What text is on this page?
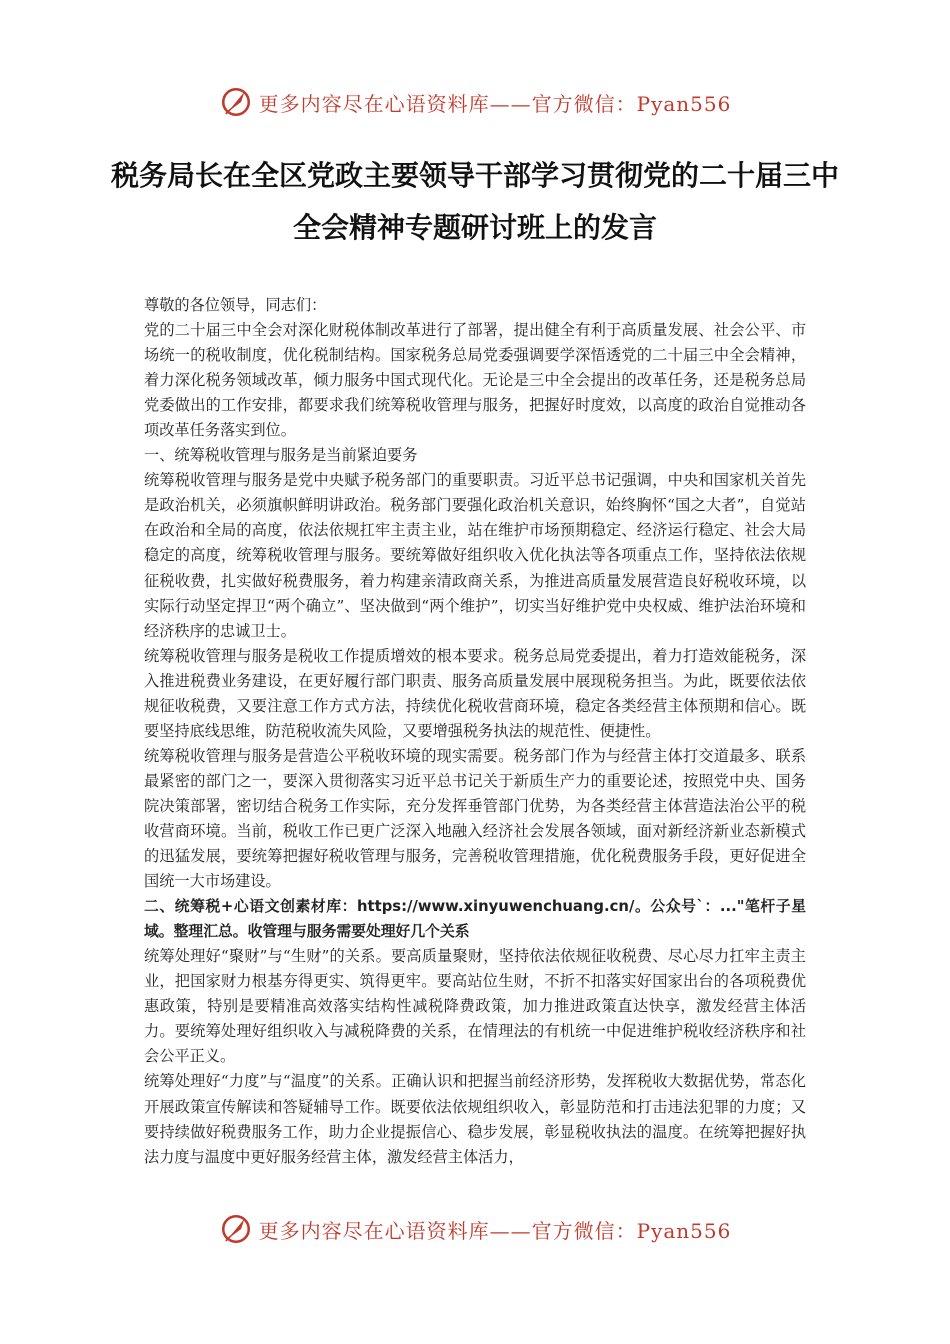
更多内容尽在心语资料库——官方微信：Pyan556
税务局长在全区党政主要领导干部学习贯彻党的二十届三中全会精神专题研讨班上的发言

尊敬的各位领导，同志们：

党的二十届三中全会对深化财税体制改革进行了部署，提出健全有利于高质量发展、社会公平、市场统一的税收制度，优化税制结构。国家税务总局党委强调要学深悟透党的二十届三中全会精神，着力深化税务领域改革，倾力服务中国式现代化。无论是三中全会提出的改革任务，还是税务总局党委做出的工作安排，都要求我们统筹税收管理与服务，把握好时度效，以高度的政治自觉推动各项改革任务落实到位。

一、统筹税收管理与服务是当前紧迫要务

统筹税收管理与服务是党中央赋予税务部门的重要职责。习近平总书记强调，中央和国家机关首先是政治机关，必须旗帜鲜明讲政治。税务部门要强化政治机关意识，始终胸怀“国之大者”，自觉站在政治和全局的高度，依法依规扛牢主责主业，站在维护市场预期稳定、经济运行稳定、社会大局稳定的高度，统筹税收管理与服务。要统筹做好组织收入优化执法等各项重点工作，坚持依法依规征税收费，扎实做好税费服务，着力构建亲清政商关系，为推进高质量发展营造良好税收环境，以实际行动坚定捍卫“两个确立”、坚决做到“两个维护”，切实当好维护党中央权威、维护法治环境和经济秩序的忠诚卫士。

统筹税收管理与服务是税收工作提质增效的根本要求。税务总局党委提出，着力打造效能税务，深入推进税费业务建设，在更好履行部门职责、服务高质量发展中展现税务担当。为此，既要依法依规征收税费，又要注意工作方式方法，持续优化税收营商环境，稳定各类经营主体预期和信心。既要坚持底线思维，防范税收流失风险，又要增强税务执法的规范性、便捷性。

统筹税收管理与服务是营造公平税收环境的现实需要。税务部门作为与经营主体打交道最多、联系最紧密的部门之一，要深入贯彻落实习近平总书记关于新质生产力的重要论述，按照党中央、国务院决策部署，密切结合税务工作实际，充分发挥垂管部门优势，为各类经营主体营造法治公平的税收营商环境。当前，税收工作已更广泛深入地融入经济社会发展各领域，面对新经济新业态新模式的迅猛发展，要统筹把握好税收管理与服务，完善税收管理措施，优化税费服务手段，更好促进全国统一大市场建设。

二、统筹税+心语文创素材库：https://www.xinyuwenchuang.cn/。公众号`：..."笔杆子星域。整理汇总。收管理与服务需要处理好几个关系

统筹处理好“聚财”与“生财”的关系。要高质量聚财，坚持依法依规征收税费、尽心尽力扛牢主责主业，把国家财力根基夯得更实、筑得更牢。要高站位生财，不折不扣落实好国家出台的各项税费优惠政策，特别是要精准高效落实结构性减税降费政策，加力推进政策直达快享，激发经营主体活力。要统筹处理好组织收入与减税降费的关系，在情理法的有机统一中促进维护税收经济秩序和社会公平正义。

统筹处理好“力度”与“温度”的关系。正确认识和把握当前经济形势，发挥税收大数据优势，常态化开展政策宣传解读和答疑辅导工作。既要依法依规组织收入，彰显防范和打击违法犯罪的力度；又要持续做好税费服务工作，助力企业提振信心、稳步发展，彰显税收执法的温度。在统筹把握好执法力度与温度中更好服务经营主体，激发经营主体活力，

更多内容尽在心语资料库——官方微信：Pyan556
